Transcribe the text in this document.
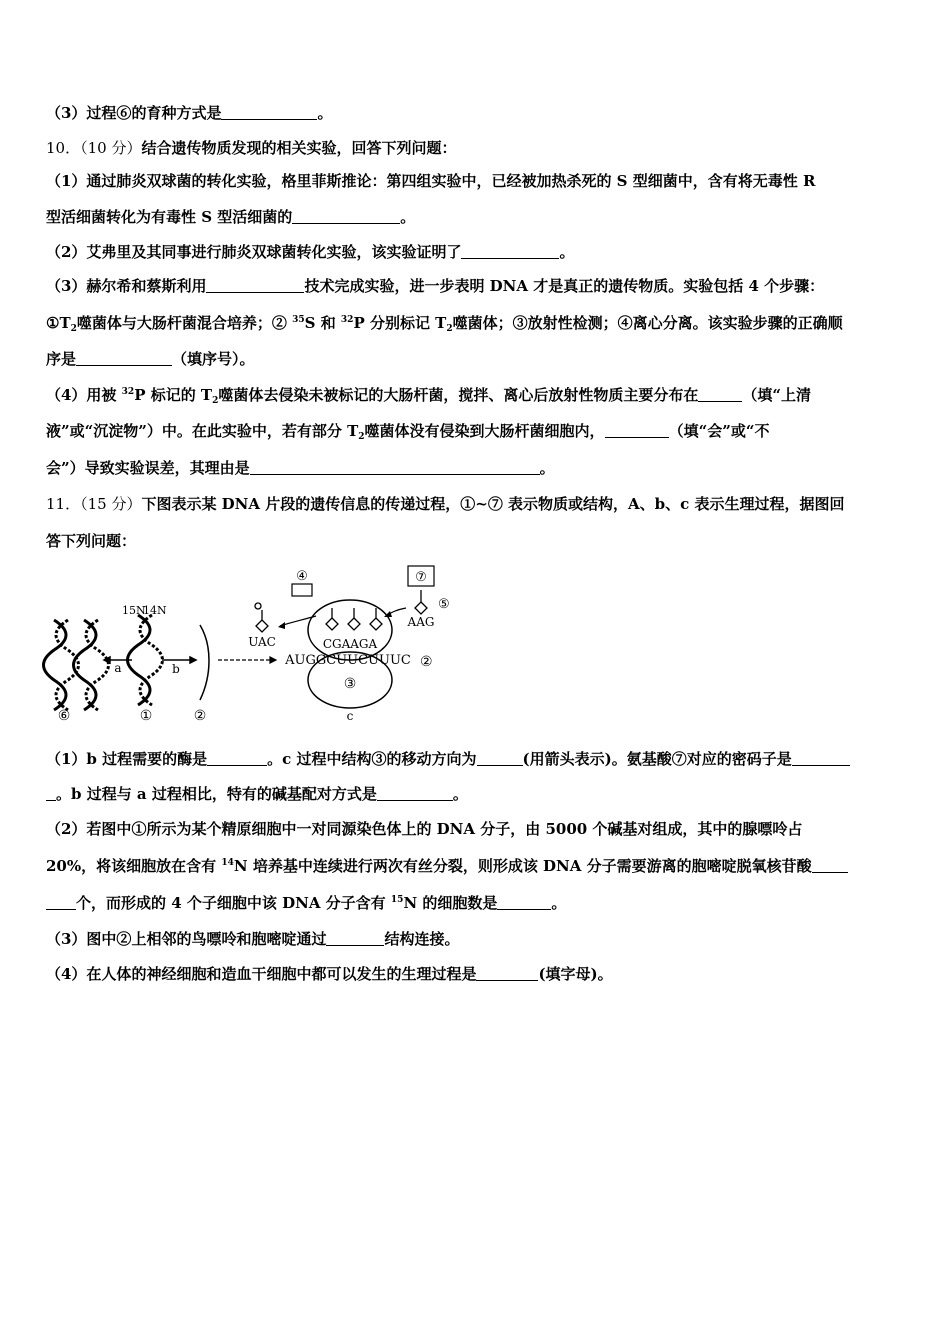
（3）过程⑥的育种方式是	。
10．（10 分）结合遗传物质发现的相关实验，回答下列问题：
（1）通过肺炎双球菌的转化实验，格里菲斯推论：第四组实验中，已经被加热杀死的 S 型细菌中，含有将无毒性 R
型活细菌转化为有毒性 S 型活细菌的	。
（2）艾弗里及其同事进行肺炎双球菌转化实验，该实验证明了	。
（3）赫尔希和蔡斯利用	技术完成实验，进一步表明 DNA 才是真正的遗传物质。实验包括 4 个步骤：
$①T_2$噬菌体与大肠杆菌混合培养；② $^{35}$S 和 $^{32}$P 分别标记 $T_2$噬菌体；③放射性检测；④离心分离。该实验步骤的正确顺
序是	（填序号）。
（4）用被 $^{32}$P 标记的 $T_2$噬菌体去侵染未被标记的大肠杆菌，搅拌、离心后放射性物质主要分布在	（填“上清
液”或“沉淀物”）中。在此实验中，若有部分 $T_2$噬菌体没有侵染到大肠杆菌细胞内，	（填“会”或“不
会”）导致实验误差，其理由是	。
11．（15 分）下图表示某 DNA 片段的遗传信息的传递过程，①~⑦ 表示物质或结构，A、b、c 表示生理过程，据图回
答下列问题：
⑥
a
15N
14N
①
b
②
③
c
CGAAGA
AUGGCUUCUUUC ②
UAC
④	⑦
⑤
AAG
（1）b 过程需要的酶是	。c 过程中结构③的移动方向为	(用箭头表示)。氨基酸⑦对应的密码子是
。b 过程与 a 过程相比，特有的碱基配对方式是	。
（2）若图中①所示为某个精原细胞中一对同源染色体上的 DNA 分子，由 5000 个碱基对组成，其中的腺嘌呤占
20%，将该细胞放在含有 $^{14}$N 培养基中连续进行两次有丝分裂，则形成该 DNA 分子需要游离的胞嘧啶脱氧核苷酸
个，而形成的 4 个子细胞中该 DNA 分子含有 $^{15}$N 的细胞数是	。
（3）图中②上相邻的鸟嘌呤和胞嘧啶通过	结构连接。
（4）在人体的神经细胞和造血干细胞中都可以发生的生理过程是	(填字母)。
